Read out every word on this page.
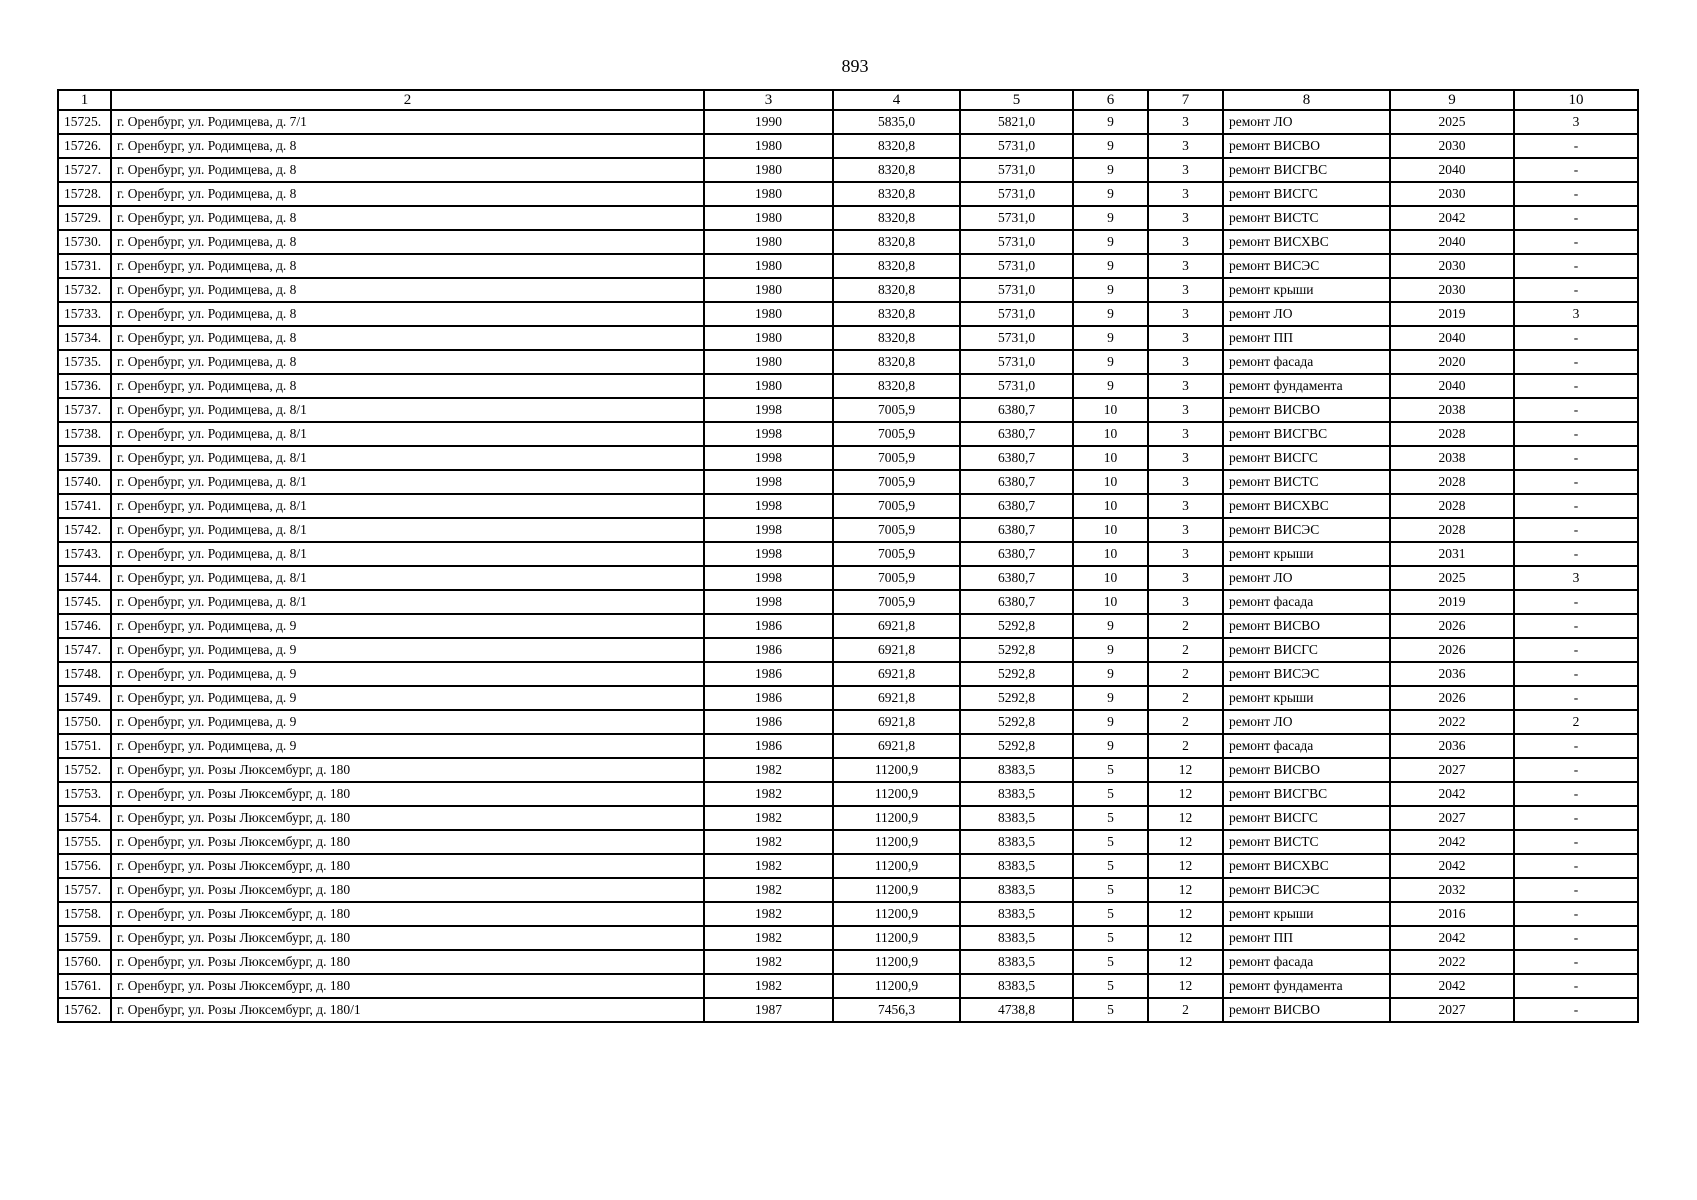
893
1	2	3	4	5	6	7	8	9	10
15725.	г. Оренбург, ул. Родимцева, д. 7/1	1990	5835,0	5821,0	9	3	ремонт ЛО	2025	3
15726.	г. Оренбург, ул. Родимцева, д. 8	1980	8320,8	5731,0	9	3	ремонт ВИСВО	2030	-
15727.	г. Оренбург, ул. Родимцева, д. 8	1980	8320,8	5731,0	9	3	ремонт ВИСГВС	2040	-
15728.	г. Оренбург, ул. Родимцева, д. 8	1980	8320,8	5731,0	9	3	ремонт ВИСГС	2030	-
15729.	г. Оренбург, ул. Родимцева, д. 8	1980	8320,8	5731,0	9	3	ремонт ВИСТС	2042	-
15730.	г. Оренбург, ул. Родимцева, д. 8	1980	8320,8	5731,0	9	3	ремонт ВИСХВС	2040	-
15731.	г. Оренбург, ул. Родимцева, д. 8	1980	8320,8	5731,0	9	3	ремонт ВИСЭС	2030	-
15732.	г. Оренбург, ул. Родимцева, д. 8	1980	8320,8	5731,0	9	3	ремонт крыши	2030	-
15733.	г. Оренбург, ул. Родимцева, д. 8	1980	8320,8	5731,0	9	3	ремонт ЛО	2019	3
15734.	г. Оренбург, ул. Родимцева, д. 8	1980	8320,8	5731,0	9	3	ремонт ПП	2040	-
15735.	г. Оренбург, ул. Родимцева, д. 8	1980	8320,8	5731,0	9	3	ремонт фасада	2020	-
15736.	г. Оренбург, ул. Родимцева, д. 8	1980	8320,8	5731,0	9	3	ремонт фундамента	2040	-
15737.	г. Оренбург, ул. Родимцева, д. 8/1	1998	7005,9	6380,7	10	3	ремонт ВИСВО	2038	-
15738.	г. Оренбург, ул. Родимцева, д. 8/1	1998	7005,9	6380,7	10	3	ремонт ВИСГВС	2028	-
15739.	г. Оренбург, ул. Родимцева, д. 8/1	1998	7005,9	6380,7	10	3	ремонт ВИСГС	2038	-
15740.	г. Оренбург, ул. Родимцева, д. 8/1	1998	7005,9	6380,7	10	3	ремонт ВИСТС	2028	-
15741.	г. Оренбург, ул. Родимцева, д. 8/1	1998	7005,9	6380,7	10	3	ремонт ВИСХВС	2028	-
15742.	г. Оренбург, ул. Родимцева, д. 8/1	1998	7005,9	6380,7	10	3	ремонт ВИСЭС	2028	-
15743.	г. Оренбург, ул. Родимцева, д. 8/1	1998	7005,9	6380,7	10	3	ремонт крыши	2031	-
15744.	г. Оренбург, ул. Родимцева, д. 8/1	1998	7005,9	6380,7	10	3	ремонт ЛО	2025	3
15745.	г. Оренбург, ул. Родимцева, д. 8/1	1998	7005,9	6380,7	10	3	ремонт фасада	2019	-
15746.	г. Оренбург, ул. Родимцева, д. 9	1986	6921,8	5292,8	9	2	ремонт ВИСВО	2026	-
15747.	г. Оренбург, ул. Родимцева, д. 9	1986	6921,8	5292,8	9	2	ремонт ВИСГС	2026	-
15748.	г. Оренбург, ул. Родимцева, д. 9	1986	6921,8	5292,8	9	2	ремонт ВИСЭС	2036	-
15749.	г. Оренбург, ул. Родимцева, д. 9	1986	6921,8	5292,8	9	2	ремонт крыши	2026	-
15750.	г. Оренбург, ул. Родимцева, д. 9	1986	6921,8	5292,8	9	2	ремонт ЛО	2022	2
15751.	г. Оренбург, ул. Родимцева, д. 9	1986	6921,8	5292,8	9	2	ремонт фасада	2036	-
15752.	г. Оренбург, ул. Розы Люксембург, д. 180	1982	11200,9	8383,5	5	12	ремонт ВИСВО	2027	-
15753.	г. Оренбург, ул. Розы Люксембург, д. 180	1982	11200,9	8383,5	5	12	ремонт ВИСГВС	2042	-
15754.	г. Оренбург, ул. Розы Люксембург, д. 180	1982	11200,9	8383,5	5	12	ремонт ВИСГС	2027	-
15755.	г. Оренбург, ул. Розы Люксембург, д. 180	1982	11200,9	8383,5	5	12	ремонт ВИСТС	2042	-
15756.	г. Оренбург, ул. Розы Люксембург, д. 180	1982	11200,9	8383,5	5	12	ремонт ВИСХВС	2042	-
15757.	г. Оренбург, ул. Розы Люксембург, д. 180	1982	11200,9	8383,5	5	12	ремонт ВИСЭС	2032	-
15758.	г. Оренбург, ул. Розы Люксембург, д. 180	1982	11200,9	8383,5	5	12	ремонт крыши	2016	-
15759.	г. Оренбург, ул. Розы Люксембург, д. 180	1982	11200,9	8383,5	5	12	ремонт ПП	2042	-
15760.	г. Оренбург, ул. Розы Люксембург, д. 180	1982	11200,9	8383,5	5	12	ремонт фасада	2022	-
15761.	г. Оренбург, ул. Розы Люксембург, д. 180	1982	11200,9	8383,5	5	12	ремонт фундамента	2042	-
15762.	г. Оренбург, ул. Розы Люксембург, д. 180/1	1987	7456,3	4738,8	5	2	ремонт ВИСВО	2027	-
